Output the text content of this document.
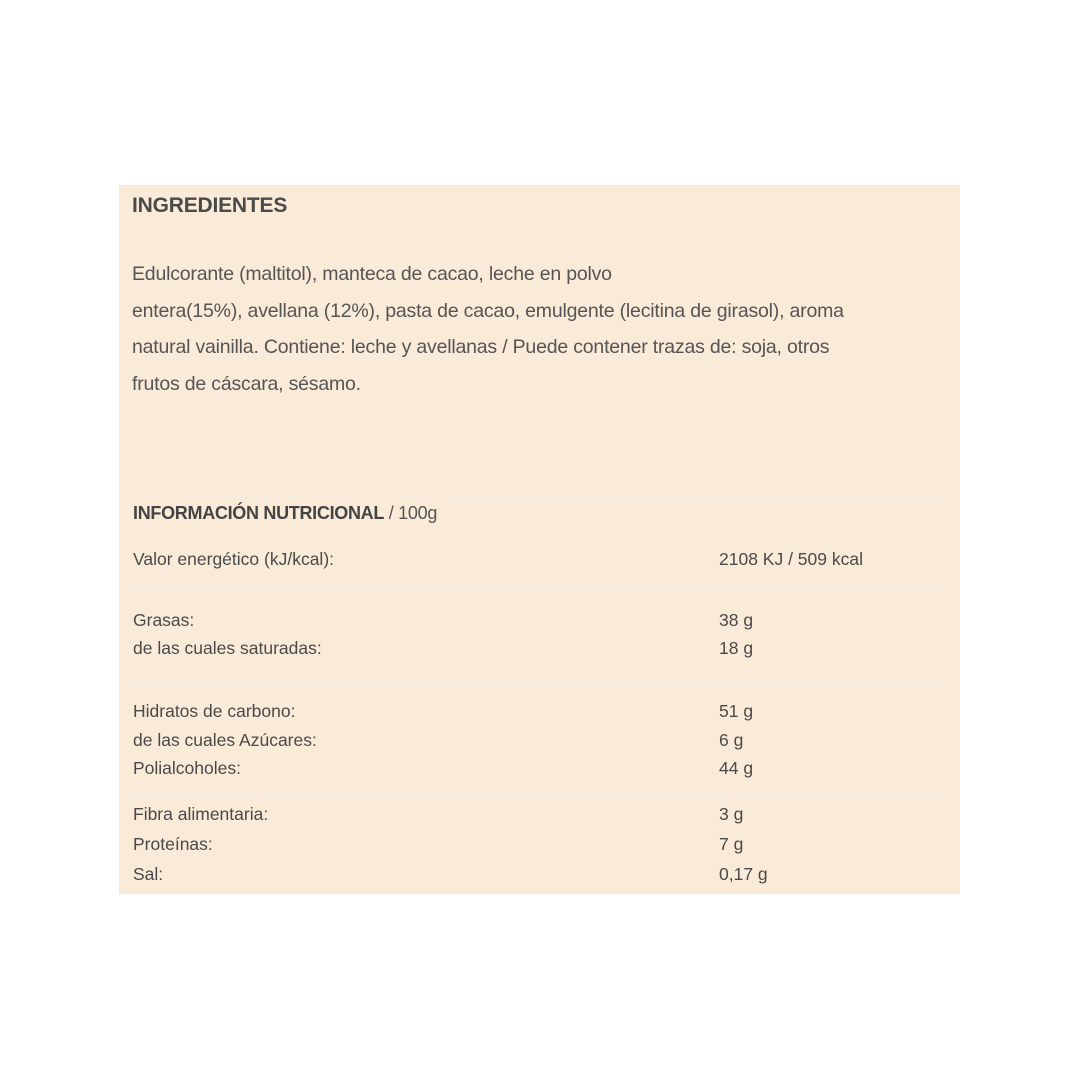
INGREDIENTES
Edulcorante (maltitol), manteca de cacao, leche en polvo
entera(15%), avellana (12%), pasta de cacao, emulgente (lecitina de girasol), aroma
natural vainilla. Contiene: leche y avellanas / Puede contener trazas de: soja, otros
frutos de cáscara, sésamo.
INFORMACIÓN NUTRICIONAL / 100g
Valor energético (kJ/kcal):	2108 KJ / 509 kcal
Grasas:	38 g
de las cuales saturadas:	18 g
Hidratos de carbono:	51 g
de las cuales Azúcares:	6 g
Polialcoholes:	44 g
Fibra alimentaria:	3 g
Proteínas:	7 g
Sal:	0,17 g
